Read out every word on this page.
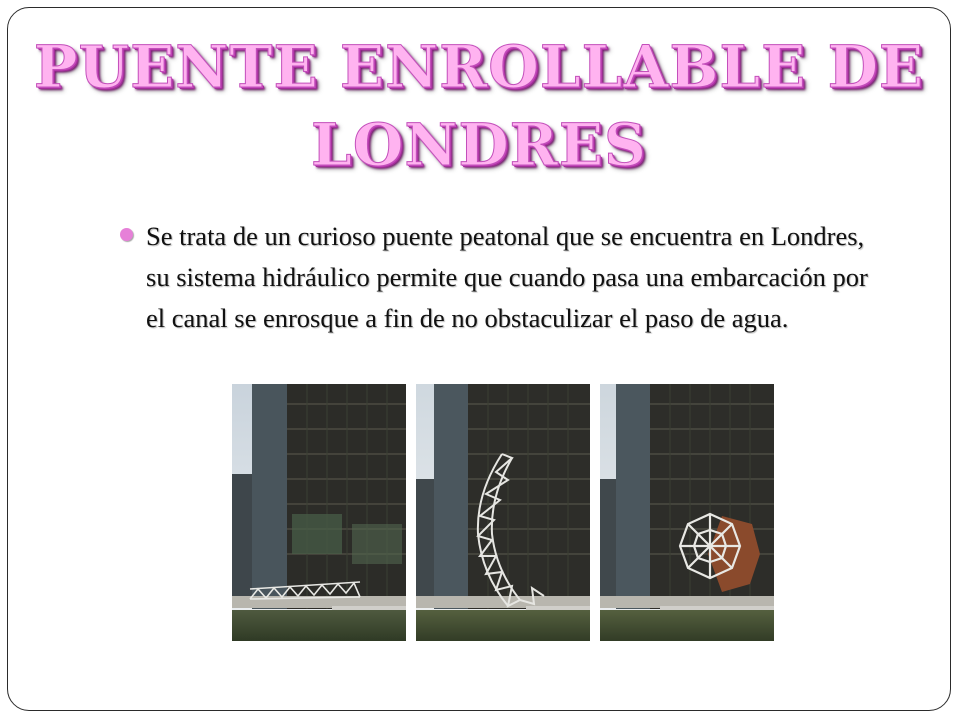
PUENTE ENROLLABLE DE
LONDRES
Se trata de un curioso puente peatonal que se encuentra en Londres, su sistema hidráulico permite que cuando pasa una embarcación por el canal se enrosque a fin de no obstaculizar el paso de agua.
